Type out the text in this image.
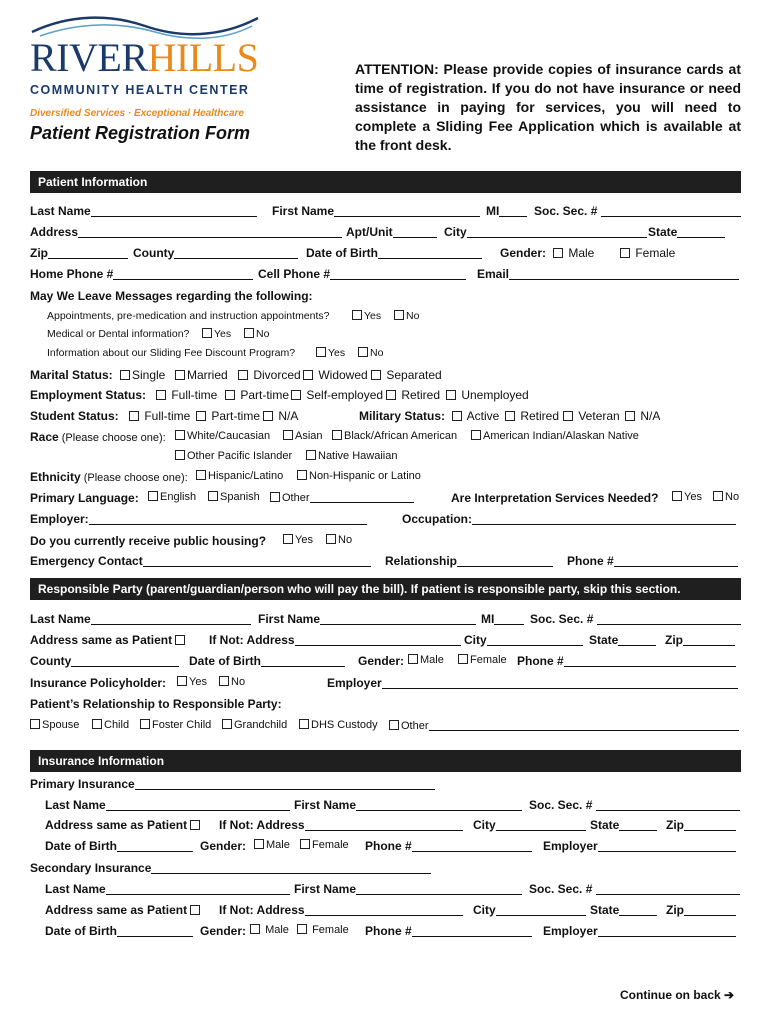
RIVERHILLS
COMMUNITY HEALTH CENTER
Diversified Services · Exceptional Healthcare
Patient Registration Form
ATTENTION: Please provide copies of insurance cards at time of registration. If you do not have insurance or need assistance in paying for services, you will need to complete a Sliding Fee Application which is available at the front desk.
Patient Information
Last Name	First Name	MI	Soc. Sec. #
Address	Apt/Unit	City	State
Zip	County	Date of Birth	Gender:	Male	Female
Home Phone #	Cell Phone #	Email
May We Leave Messages regarding the following:
Appointments, pre-medication and instruction appointments?	Yes	No
Medical or Dental information?	Yes	No
Information about our Sliding Fee Discount Program?	Yes	No
Marital Status:	Single	Married	Divorced	Widowed	Separated
Employment Status:	Full-time	Part-time	Self-employed	Retired	Unemployed
Student Status:	Full-time	Part-time	N/A	Military Status:	Active	Retired	Veteran	N/A
Race (Please choose one):	White/Caucasian	Asian	Black/African American	American Indian/Alaskan Native
Other Pacific Islander	Native Hawaiian
Ethnicity (Please choose one):	Hispanic/Latino	Non-Hispanic or Latino
Primary Language:	English	Spanish	Other	Are Interpretation Services Needed?	Yes	No
Employer:	Occupation:
Do you currently receive public housing?	Yes	No
Emergency Contact	Relationship	Phone #
Responsible Party (parent/guardian/person who will pay the bill). If patient is responsible party, skip this section.
Last Name	First Name	MI	Soc. Sec. #
Address same as Patient	If Not: Address	City	State	Zip
County	Date of Birth	Gender:	Male	Female Phone #
Insurance Policyholder:	Yes	No	Employer
Patient’s Relationship to Responsible Party:
Spouse	Child	Foster Child	Grandchild	DHS Custody	Other
Insurance Information
Primary Insurance
Last Name	First Name	Soc. Sec. #
Address same as Patient	If Not: Address	City	State	Zip
Date of Birth	Gender:	Male	Female Phone #	Employer
Secondary Insurance
Last Name	First Name	Soc. Sec. #
Address same as Patient	If Not: Address	City	State	Zip
Date of Birth	Gender:	Male	Female Phone #	Employer
Continue on back ➔
